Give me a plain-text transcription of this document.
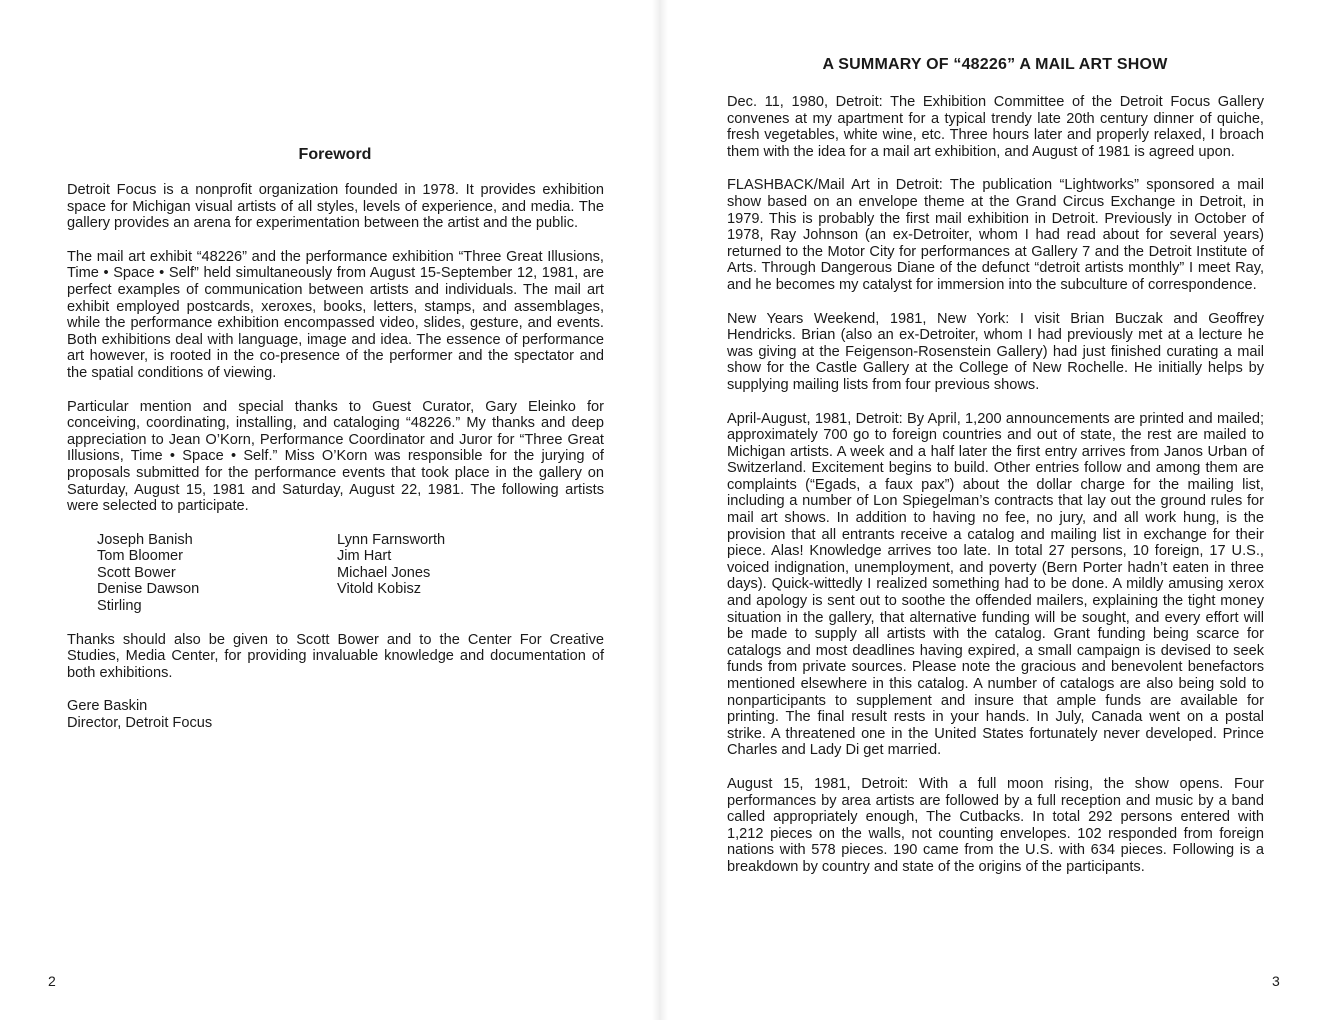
Foreword

Detroit Focus is a nonprofit organization founded in 1978. It provides exhibition space for Michigan visual artists of all styles, levels of experience, and media. The gallery provides an arena for experimentation between the artist and the public.

The mail art exhibit “48226” and the performance exhibition “Three Great Illusions, Time • Space • Self” held simultaneously from August 15-September 12, 1981, are perfect examples of communication between artists and individuals. The mail art exhibit employed postcards, xeroxes, books, letters, stamps, and assemblages, while the performance exhibition encompassed video, slides, gesture, and events. Both exhibitions deal with language, image and idea. The essence of performance art however, is rooted in the co-presence of the performer and the spectator and the spatial conditions of viewing.

Particular mention and special thanks to Guest Curator, Gary Eleinko for conceiving, coordinating, installing, and cataloging “48226.” My thanks and deep appreciation to Jean O’Korn, Performance Coordinator and Juror for “Three Great Illusions, Time • Space • Self.” Miss O’Korn was responsible for the jurying of proposals submitted for the performance events that took place in the gallery on Saturday, August 15, 1981 and Saturday, August 22, 1981. The following artists were selected to participate.

Joseph Banish
Tom Bloomer
Scott Bower
Denise Dawson
Stirling
Lynn Farnsworth
Jim Hart
Michael Jones
Vitold Kobisz

Thanks should also be given to Scott Bower and to the Center For Creative Studies, Media Center, for providing invaluable knowledge and documentation of both exhibitions.

Gere Baskin
Director, Detroit Focus
2
A SUMMARY OF “48226” A MAIL ART SHOW

Dec. 11, 1980, Detroit: The Exhibition Committee of the Detroit Focus Gallery convenes at my apartment for a typical trendy late 20th century dinner of quiche, fresh vegetables, white wine, etc. Three hours later and properly relaxed, I broach them with the idea for a mail art exhibition, and August of 1981 is agreed upon.

FLASHBACK/Mail Art in Detroit: The publication “Lightworks” sponsored a mail show based on an envelope theme at the Grand Circus Exchange in Detroit, in 1979. This is probably the first mail exhibition in Detroit. Previously in October of 1978, Ray Johnson (an ex-Detroiter, whom I had read about for several years) returned to the Motor City for performances at Gallery 7 and the Detroit Institute of Arts. Through Dangerous Diane of the defunct “detroit artists monthly” I meet Ray, and he becomes my catalyst for immersion into the subculture of correspondence.

New Years Weekend, 1981, New York: I visit Brian Buczak and Geoffrey Hendricks. Brian (also an ex-Detroiter, whom I had previously met at a lecture he was giving at the Feigenson-Rosenstein Gallery) had just finished curating a mail show for the Castle Gallery at the College of New Rochelle. He initially helps by supplying mailing lists from four previous shows.

April-August, 1981, Detroit: By April, 1,200 announcements are printed and mailed; approximately 700 go to foreign countries and out of state, the rest are mailed to Michigan artists. A week and a half later the first entry arrives from Janos Urban of Switzerland. Excitement begins to build. Other entries follow and among them are complaints (“Egads, a faux pax”) about the dollar charge for the mailing list, including a number of Lon Spiegelman’s contracts that lay out the ground rules for mail art shows. In addition to having no fee, no jury, and all work hung, is the provision that all entrants receive a catalog and mailing list in exchange for their piece. Alas! Knowledge arrives too late. In total 27 persons, 10 foreign, 17 U.S., voiced indignation, unemployment, and poverty (Bern Porter hadn’t eaten in three days). Quick-wittedly I realized something had to be done. A mildly amusing xerox and apology is sent out to soothe the offended mailers, explaining the tight money situation in the gallery, that alternative funding will be sought, and every effort will be made to supply all artists with the catalog. Grant funding being scarce for catalogs and most deadlines having expired, a small campaign is devised to seek funds from private sources. Please note the gracious and benevolent benefactors mentioned elsewhere in this catalog. A number of catalogs are also being sold to nonparticipants to supplement and insure that ample funds are available for printing. The final result rests in your hands. In July, Canada went on a postal strike. A threatened one in the United States fortunately never developed. Prince Charles and Lady Di get married.

August 15, 1981, Detroit: With a full moon rising, the show opens. Four performances by area artists are followed by a full reception and music by a band called appropriately enough, The Cutbacks. In total 292 persons entered with 1,212 pieces on the walls, not counting envelopes. 102 responded from foreign nations with 578 pieces. 190 came from the U.S. with 634 pieces. Following is a breakdown by country and state of the origins of the participants.

3
